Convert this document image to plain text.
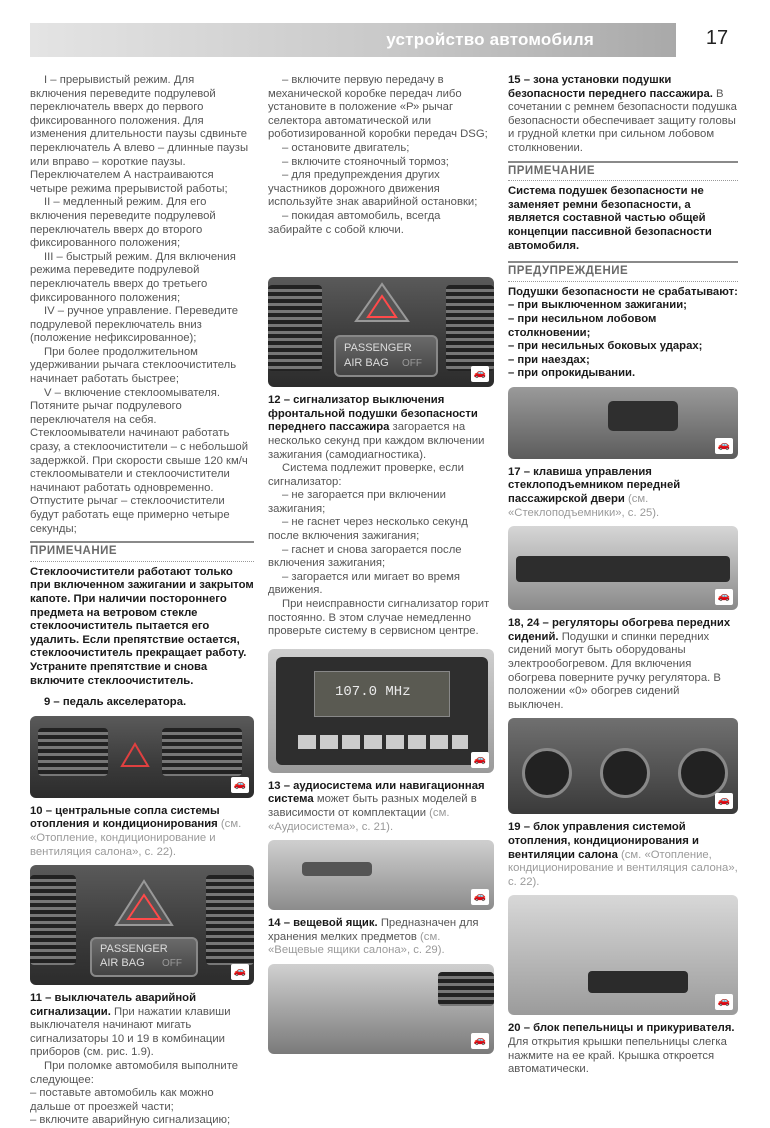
устройство автомобиля	17

I – прерывистый режим. Для включения переведите подрулевой переключатель вверх до первого фиксированного положения. Для изменения длительности паузы сдвиньте переключатель А влево – длинные паузы или вправо – короткие паузы. Переключателем А настраиваются четыре режима прерывистой работы;

II – медленный режим. Для его включения переведите подрулевой переключатель вверх до второго фиксированного положения;

III – быстрый режим. Для включения режима переведите подрулевой переключатель вверх до третьего фиксированного положения;

IV – ручное управление. Переведите подрулевой переключатель вниз (положение нефиксированное);

При более продолжительном удерживании рычага стеклоочиститель начинает работать быстрее;

V – включение стеклоомывателя. Потяните рычаг подрулевого переключателя на себя. Стеклоомыватели начинают работать сразу, а стеклоочистители – с небольшой задержкой. При скорости свыше 120 км/ч стеклоомыватели и стеклоочистители начинают работать одновременно. Отпустите рычаг – стеклоочистители будут работать еще примерно четыре секунды;

ПРИМЕЧАНИЕ

Стеклоочистители работают только при включенном зажигании и закрытом капоте. При наличии постороннего предмета на ветровом стекле стеклоочиститель пытается его удалить. Если препятствие остается, стеклоочиститель прекращает работу. Устраните препятствие и снова включите стеклоочиститель.

9 – педаль акселератора.

🚗

10 – центральные сопла системы отопления и кондиционирования (см. «Отопление, кондиционирование и вентиляция салона», с. 22).

PASSENGER
AIR BAG OFF
🚗

11 – выключатель аварийной сигнализации. При нажатии клавиши выключателя начинают мигать сигнализаторы 10 и 19 в комбинации приборов (см. рис. 1.9).

При поломке автомобиля выполните следующее:

– поставьте автомобиль как можно дальше от проезжей части;

– включите аварийную сигнализацию;

– включите первую передачу в механической коробке передач либо установите в положение «Р» рычаг селектора автоматической или роботизированной коробки передач DSG;

– остановите двигатель;

– включите стояночный тормоз;

– для предупреждения других участников дорожного движения используйте знак аварийной остановки;

– покидая автомобиль, всегда забирайте с собой ключи.

PASSENGER
AIR BAG OFF
🚗

12 – сигнализатор выключения фронтальной подушки безопасности переднего пассажира загорается на несколько секунд при каждом включении зажигания (самодиагностика).

Система подлежит проверке, если сигнализатор:

– не загорается при включении зажигания;

– не гаснет через несколько секунд после включения зажигания;

– гаснет и снова загорается после включения зажигания;

– загорается или мигает во время движения.

При неисправности сигнализатор горит постоянно. В этом случае немедленно проверьте систему в сервисном центре.

107.0 MHz
🚗

13 – аудиосистема или навигационная система может быть разных моделей в зависимости от комплектации (см. «Аудиосистема», с. 21).

🚗

14 – вещевой ящик. Предназначен для хранения мелких предметов (см. «Вещевые ящики салона», с. 29).

🚗

15 – зона установки подушки безопасности переднего пассажира. В сочетании с ремнем безопасности подушка безопасности обеспечивает защиту головы и грудной клетки при сильном лобовом столкновении.

ПРИМЕЧАНИЕ

Система подушек безопасности не заменяет ремни безопасности, а является составной частью общей концепции пассивной безопасности автомобиля.

ПРЕДУПРЕЖДЕНИЕ
Подушки безопасности не срабатывают:
– при выключенном зажигании;
– при несильном лобовом столкновении;
– при несильных боковых ударах;
– при наездах;
– при опрокидывании.
🚗

17 – клавиша управления стеклоподъемником передней пассажирской двери (см. «Стеклоподъемники», с. 25).

🚗

18, 24 – регуляторы обогрева передних сидений. Подушки и спинки передних сидений могут быть оборудованы электрообогревом. Для включения обогрева поверните ручку регулятора. В положении «0» обогрев сидений выключен.

🚗

19 – блок управления системой отопления, кондиционирования и вентиляции салона (см. «Отопление, кондиционирование и вентиляция салона», с. 22).

🚗

20 – блок пепельницы и прикуривателя. Для открытия крышки пепельницы слегка нажмите на ее край. Крышка откроется автоматически.
